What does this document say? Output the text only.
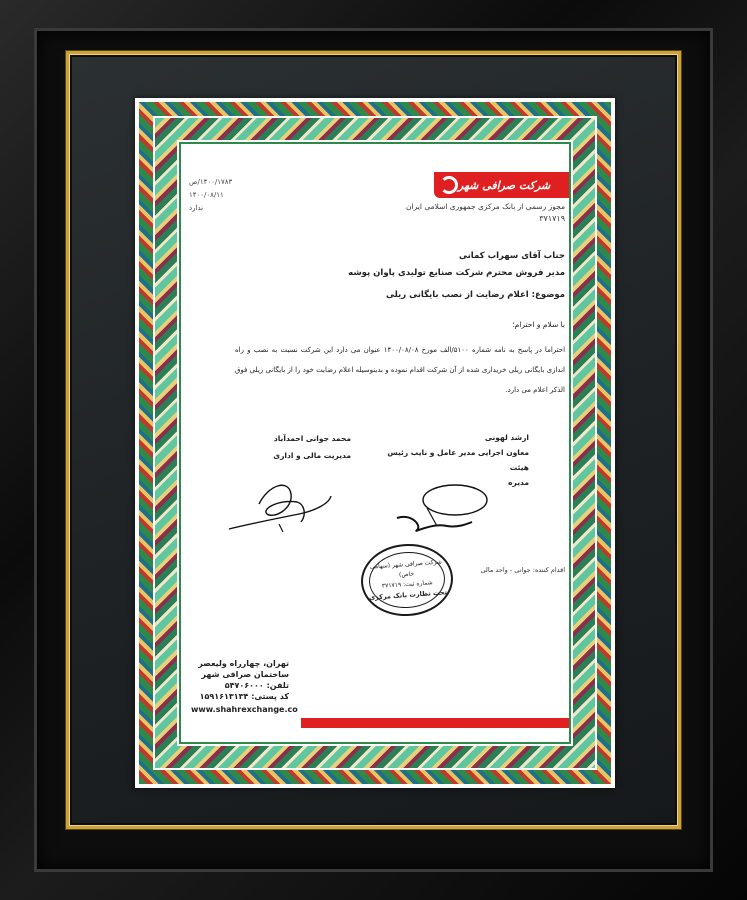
شرکت صرافی شهر
مجوز رسمی از بانک مرکزی جمهوری اسلامی ایران
۳۷۱۷۱۹
۱۴۰۰/۱۷۸۳/ص
۱۴۰۰/۰۸/۱۱
ندارد
جناب آقای سهراب کمانی
مدیر فروش محترم شرکت صنایع تولیدی پاوان پوشه
موضوع: اعلام رضایت از نصب بایگانی ریلی
با سلام و احترام؛
احتراما در پاسخ به نامه شماره ۵۱۰۰/الف مورخ ۱۴۰۰/۰۸/۰۸ عنوان می دارد این شرکت نسبت به نصب و راه اندازی بایگانی ریلی خریداری شده از آن شرکت اقدام نموده و بدینوسیله اعلام رضایت خود را از بایگانی ریلی فوق الذکر اعلام می دارد.
ارشد لهونی
معاون اجرایی مدیر عامل و نایب رئیس هیئت
مدیره
محمد جوانی احمدآباد
مدیریت مالی و اداری
شرکت صرافی شهر (سهامی خاص)
شماره ثبت: ۳۷۱۷۱۹
تحت نظارت بانک مرکزی
اقدام کننده: جوانی - واحد مالی
تهران، چهارراه ولیعصر
ساختمان صرافی شهر
تلفن: ۵۴۷۰۶۰۰۰
کد پستی: ۱۵۹۱۶۱۳۱۳۴
www.shahrexchange.co
